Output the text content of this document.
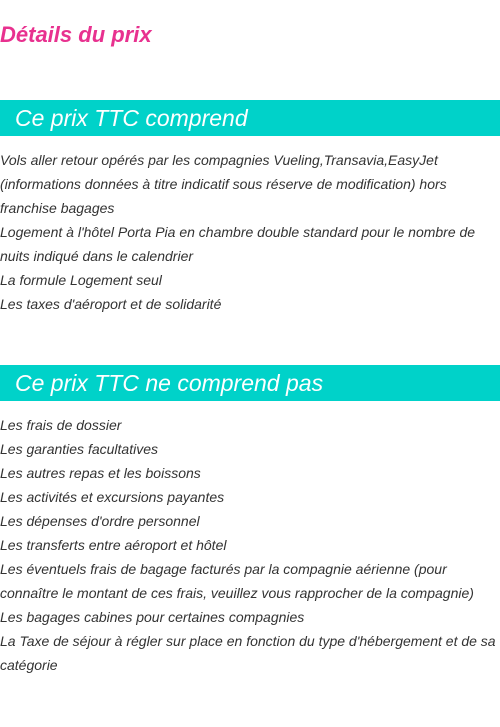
Détails du prix
Ce prix TTC comprend
Vols aller retour opérés par les compagnies Vueling,Transavia,EasyJet (informations données à titre indicatif sous réserve de modification) hors franchise bagages
Logement à l'hôtel Porta Pia en chambre double standard pour le nombre de nuits indiqué dans le calendrier
La formule Logement seul
Les taxes d'aéroport et de solidarité
Ce prix TTC ne comprend pas
Les frais de dossier
Les garanties facultatives
Les autres repas et les boissons
Les activités et excursions payantes
Les dépenses d'ordre personnel
Les transferts entre aéroport et hôtel
Les éventuels frais de bagage facturés par la compagnie aérienne (pour connaître le montant de ces frais, veuillez vous rapprocher de la compagnie)
Les bagages cabines pour certaines compagnies
La Taxe de séjour à régler sur place en fonction du type d'hébergement et de sa catégorie
